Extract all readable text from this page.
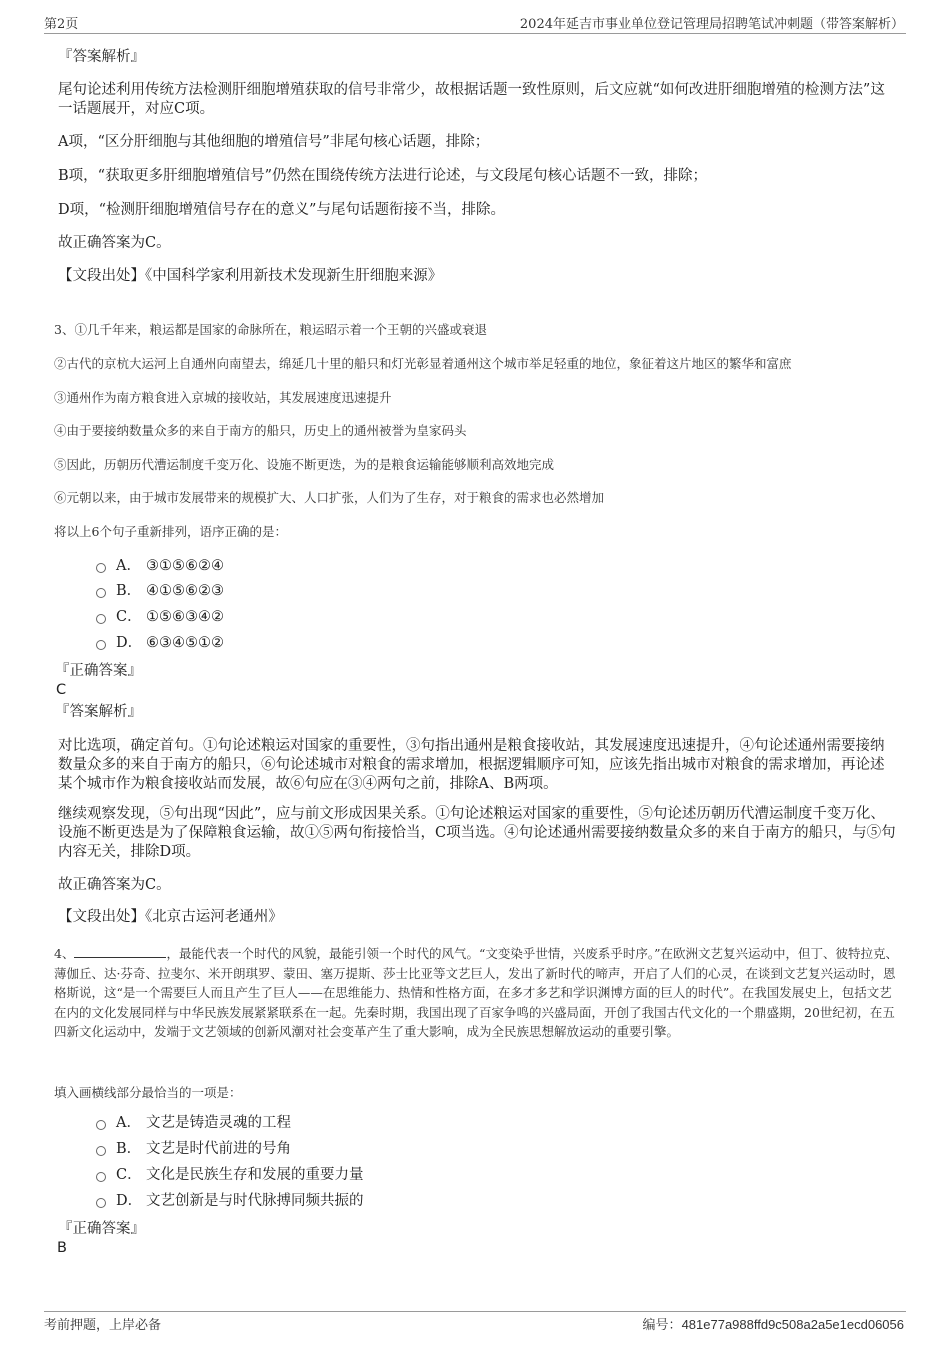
第2页	2024年延吉市事业单位登记管理局招聘笔试冲刺题（带答案解析）
『答案解析』
尾句论述利用传统方法检测肝细胞增殖获取的信号非常少，故根据话题一致性原则，后文应就“如何改进肝细胞增殖的检测方法”这一话题展开，对应C项。
A项，“区分肝细胞与其他细胞的增殖信号”非尾句核心话题，排除；
B项，“获取更多肝细胞增殖信号”仍然在围绕传统方法进行论述，与文段尾句核心话题不一致，排除；
D项，“检测肝细胞增殖信号存在的意义”与尾句话题衔接不当，排除。
故正确答案为C。
【文段出处】《中国科学家利用新技术发现新生肝细胞来源》
3、①几千年来，粮运都是国家的命脉所在，粮运昭示着一个王朝的兴盛或衰退
②古代的京杭大运河上自通州向南望去，绵延几十里的船只和灯光彰显着通州这个城市举足轻重的地位，象征着这片地区的繁华和富庶
③通州作为南方粮食进入京城的接收站，其发展速度迅速提升
④由于要接纳数量众多的来自于南方的船只，历史上的通州被誉为皇家码头
⑤因此，历朝历代漕运制度千变万化、设施不断更迭，为的是粮食运输能够顺利高效地完成
⑥元朝以来，由于城市发展带来的规模扩大、人口扩张，人们为了生存，对于粮食的需求也必然增加
将以上6个句子重新排列，语序正确的是：
A． ③①⑤⑥②④
B． ④①⑤⑥②③
C． ①⑤⑥③④②
D． ⑥③④⑤①②
『正确答案』
C
『答案解析』
对比选项，确定首句。①句论述粮运对国家的重要性，③句指出通州是粮食接收站，其发展速度迅速提升，④句论述通州需要接纳数量众多的来自于南方的船只，⑥句论述城市对粮食的需求增加，根据逻辑顺序可知，应该先指出城市对粮食的需求增加，再论述某个城市作为粮食接收站而发展，故⑥句应在③④两句之前，排除A、B两项。
继续观察发现，⑤句出现“因此”，应与前文形成因果关系。①句论述粮运对国家的重要性，⑤句论述历朝历代漕运制度千变万化、设施不断更迭是为了保障粮食运输，故①⑤两句衔接恰当，C项当选。④句论述通州需要接纳数量众多的来自于南方的船只，与⑤句内容无关，排除D项。
故正确答案为C。
【文段出处】《北京古运河老通州》
4、	，最能代表一个时代的风貌，最能引领一个时代的风气。“文变染乎世情，兴废系乎时序。”在欧洲文艺复兴运动中，但丁、彼特拉克、薄伽丘、达·芬奇、拉斐尔、米开朗琪罗、蒙田、塞万提斯、莎士比亚等文艺巨人，发出了新时代的啼声，开启了人们的心灵，在谈到文艺复兴运动时，恩格斯说，这“是一个需要巨人而且产生了巨人——在思维能力、热情和性格方面，在多才多艺和学识渊博方面的巨人的时代”。在我国发展史上，包括文艺在内的文化发展同样与中华民族发展紧紧联系在一起。先秦时期，我国出现了百家争鸣的兴盛局面，开创了我国古代文化的一个鼎盛期，20世纪初，在五四新文化运动中，发端于文艺领域的创新风潮对社会变革产生了重大影响，成为全民族思想解放运动的重要引擎。
填入画横线部分最恰当的一项是：
A． 文艺是铸造灵魂的工程
B． 文艺是时代前进的号角
C． 文化是民族生存和发展的重要力量
D． 文艺创新是与时代脉搏同频共振的
『正确答案』
B
考前押题，上岸必备	编号：481e77a988ffd9c508a2a5e1ecd06056
